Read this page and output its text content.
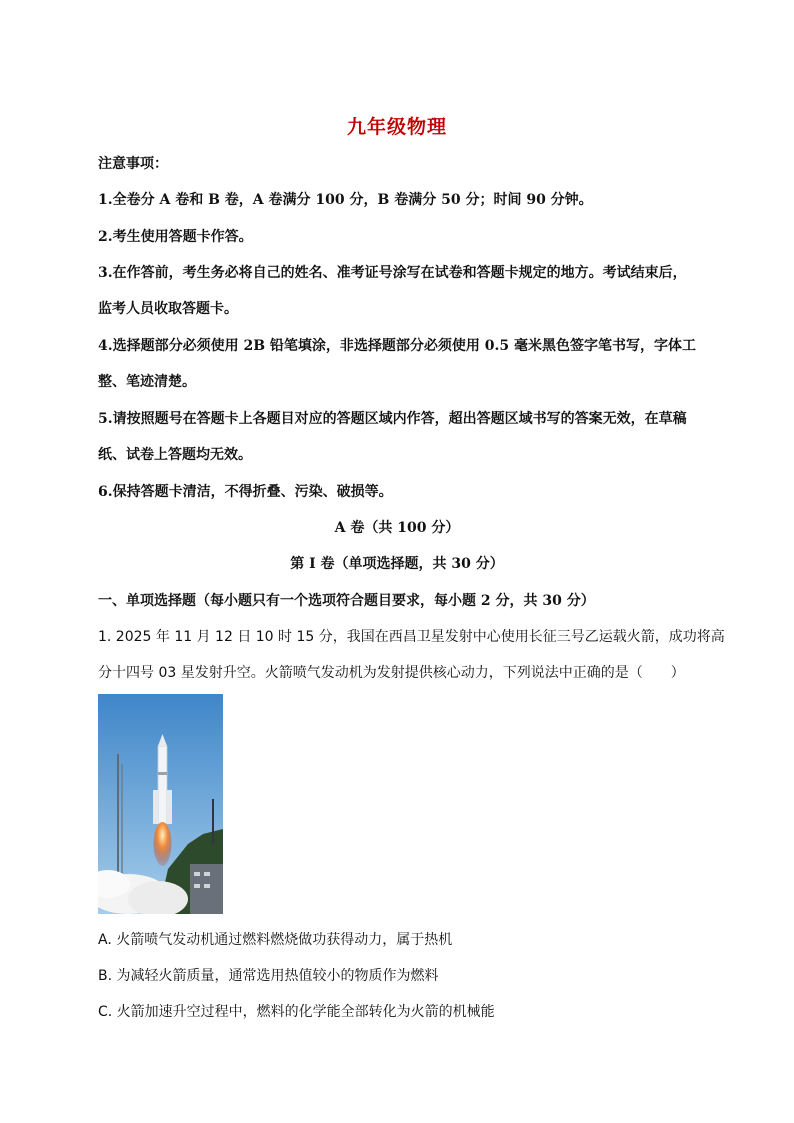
九年级物理
注意事项：
1.全卷分 A 卷和 B 卷，A 卷满分 100 分，B 卷满分 50 分；时间 90 分钟。
2.考生使用答题卡作答。
3.在作答前，考生务必将自己的姓名、准考证号涂写在试卷和答题卡规定的地方。考试结束后，
监考人员收取答题卡。
4.选择题部分必须使用 2B 铅笔填涂，非选择题部分必须使用 0.5 毫米黑色签字笔书写，字体工
整、笔迹清楚。
5.请按照题号在答题卡上各题目对应的答题区域内作答，超出答题区域书写的答案无效，在草稿
纸、试卷上答题均无效。
6.保持答题卡清洁，不得折叠、污染、破损等。
A 卷（共 100 分）
第 I 卷（单项选择题，共 30 分）
一、单项选择题（每小题只有一个选项符合题目要求，每小题 2 分，共 30 分）
1. 2025 年 11 月 12 日 10 时 15 分，我国在西昌卫星发射中心使用长征三号乙运载火箭，成功将高
分十四号 03 星发射升空。火箭喷气发动机为发射提供核心动力，下列说法中正确的是（　　）
A. 火箭喷气发动机通过燃料燃烧做功获得动力，属于热机
B. 为减轻火箭质量，通常选用热值较小的物质作为燃料
C. 火箭加速升空过程中，燃料的化学能全部转化为火箭的机械能
